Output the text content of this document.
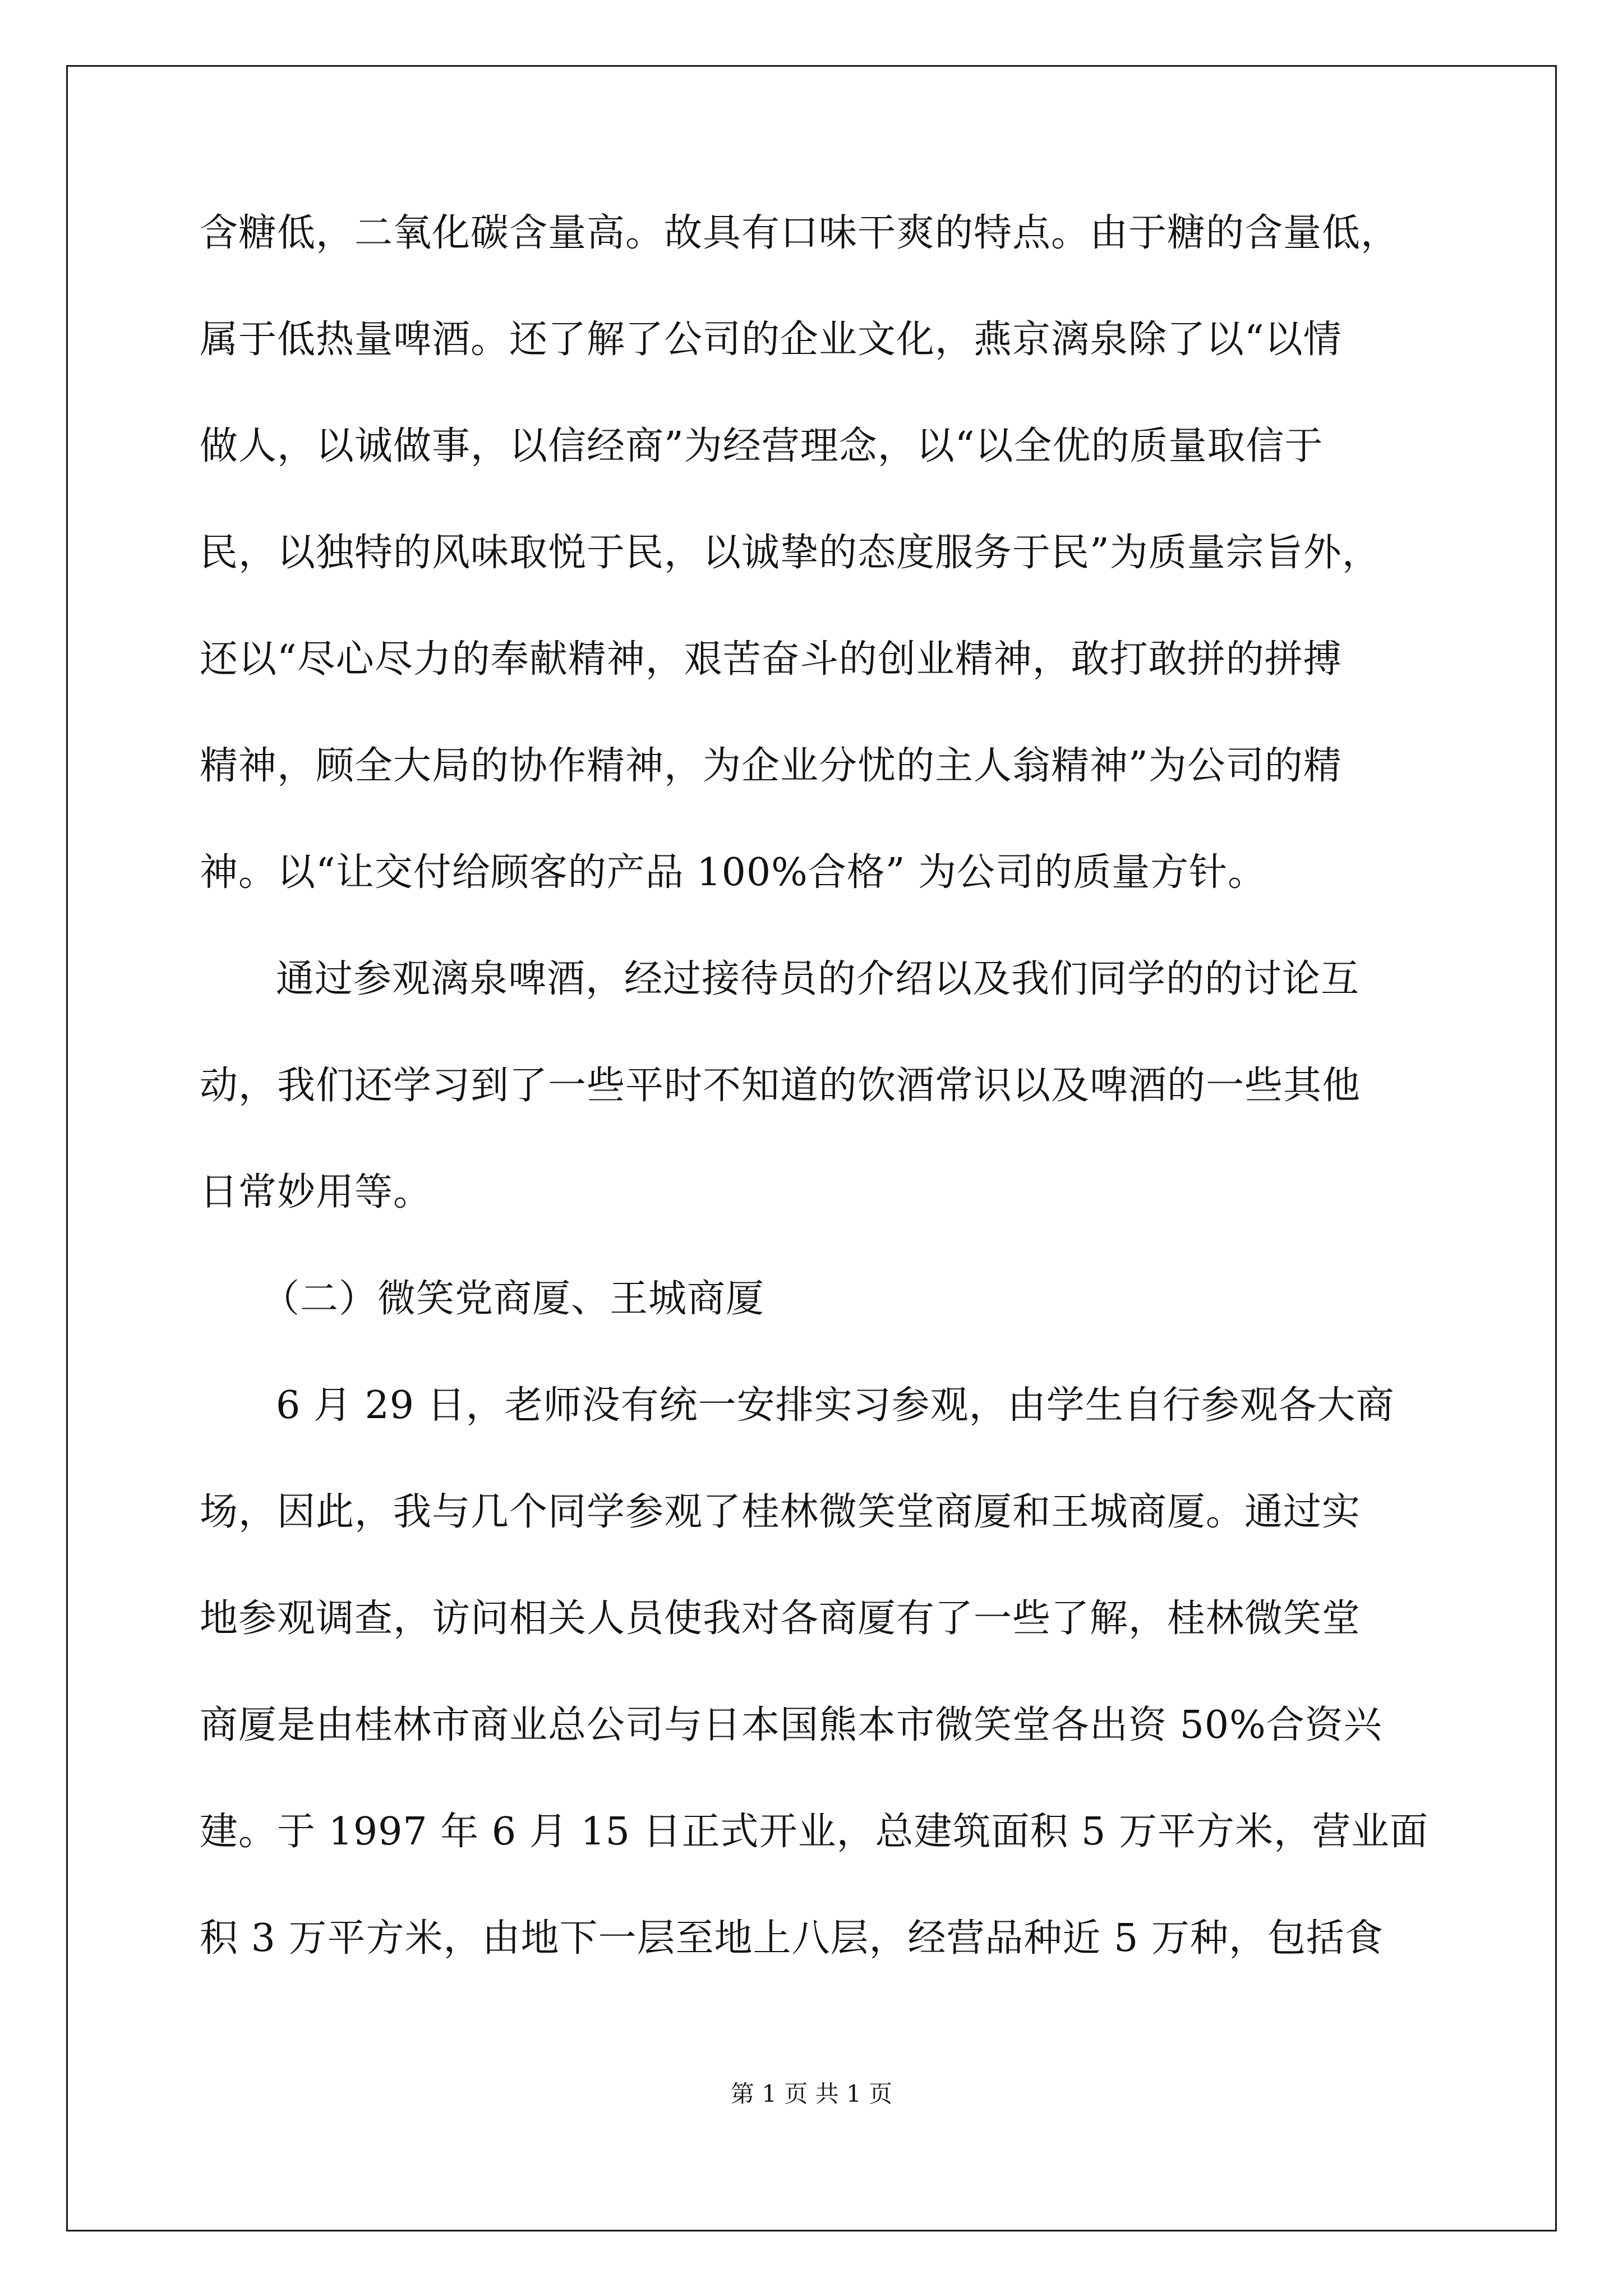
含糖低，二氧化碳含量高。故具有口味干爽的特点。由于糖的含量低，
属于低热量啤酒。还了解了公司的企业文化，燕京漓泉除了以“以情
做人，以诚做事，以信经商”为经营理念，以“以全优的质量取信于
民，以独特的风味取悦于民，以诚挚的态度服务于民”为质量宗旨外，
还以“尽心尽力的奉献精神，艰苦奋斗的创业精神，敢打敢拼的拼搏
精神，顾全大局的协作精神，为企业分忧的主人翁精神”为公司的精
神。以“让交付给顾客的产品 100%合格” 为公司的质量方针。
通过参观漓泉啤酒，经过接待员的介绍以及我们同学的的讨论互
动，我们还学习到了一些平时不知道的饮酒常识以及啤酒的一些其他
日常妙用等。
（二）微笑党商厦、王城商厦
6 月 29 日，老师没有统一安排实习参观，由学生自行参观各大商
场，因此，我与几个同学参观了桂林微笑堂商厦和王城商厦。通过实
地参观调查，访问相关人员使我对各商厦有了一些了解，桂林微笑堂
商厦是由桂林市商业总公司与日本国熊本市微笑堂各出资 50%合资兴
建。于 1997 年 6 月 15 日正式开业，总建筑面积 5 万平方米，营业面
积 3 万平方米，由地下一层至地上八层，经营品种近 5 万种，包括食
第 1 页 共 1 页
